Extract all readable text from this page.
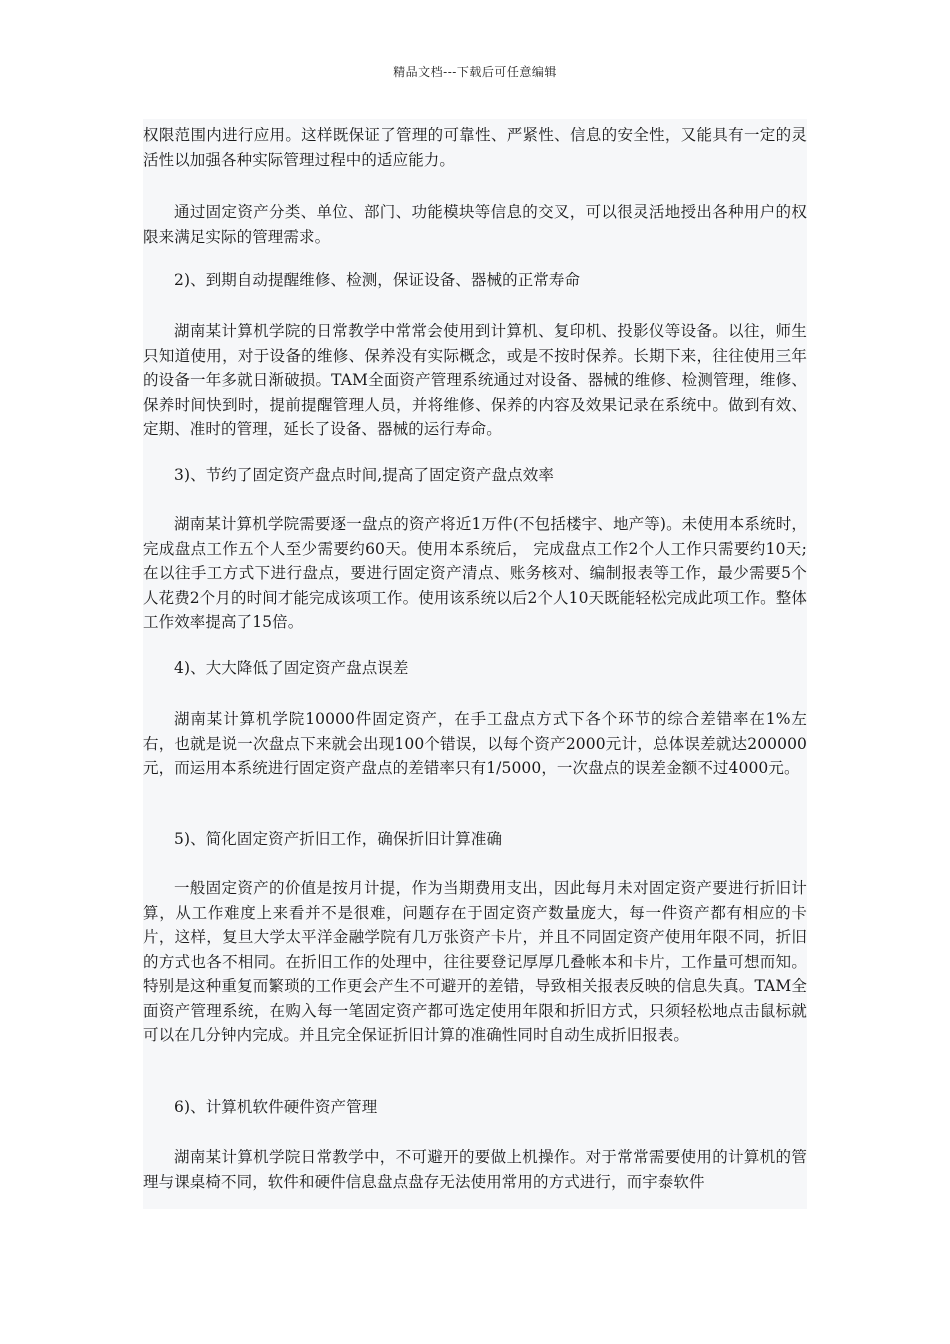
精品文档---下载后可任意编辑

权限范围内进行应用。这样既保证了管理的可靠性、严紧性、信息的安全性，又能具有一定的灵活性以加强各种实际管理过程中的适应能力。

通过固定资产分类、单位、部门、功能模块等信息的交叉，可以很灵活地授出各种用户的权限来满足实际的管理需求。

2)、到期自动提醒维修、检测，保证设备、器械的正常寿命

湖南某计算机学院的日常教学中常常会使用到计算机、复印机、投影仪等设备。以往，师生只知道使用，对于设备的维修、保养没有实际概念，或是不按时保养。长期下来，往往使用三年的设备一年多就日渐破损。TAM全面资产管理系统通过对设备、器械的维修、检测管理，维修、保养时间快到时，提前提醒管理人员，并将维修、保养的内容及效果记录在系统中。做到有效、定期、准时的管理，延长了设备、器械的运行寿命。

3)、节约了固定资产盘点时间,提高了固定资产盘点效率

湖南某计算机学院需要逐一盘点的资产将近1万件(不包括楼宇、地产等)。未使用本系统时，完成盘点工作五个人至少需要约60天。使用本系统后， 完成盘点工作2个人工作只需要约10天;在以往手工方式下进行盘点，要进行固定资产清点、账务核对、编制报表等工作，最少需要5个人花费2个月的时间才能完成该项工作。使用该系统以后2个人10天既能轻松完成此项工作。整体工作效率提高了15倍。

4)、大大降低了固定资产盘点误差

湖南某计算机学院10000件固定资产，在手工盘点方式下各个环节的综合差错率在1%左右，也就是说一次盘点下来就会出现100个错误，以每个资产2000元计，总体误差就达200000元，而运用本系统进行固定资产盘点的差错率只有1/5000，一次盘点的误差金额不过4000元。

5)、简化固定资产折旧工作，确保折旧计算准确

一般固定资产的价值是按月计提，作为当期费用支出，因此每月未对固定资产要进行折旧计算，从工作难度上来看并不是很难，问题存在于固定资产数量庞大，每一件资产都有相应的卡片，这样，复旦大学太平洋金融学院有几万张资产卡片，并且不同固定资产使用年限不同，折旧的方式也各不相同。在折旧工作的处理中，往往要登记厚厚几叠帐本和卡片，工作量可想而知。特别是这种重复而繁琐的工作更会产生不可避开的差错，导致相关报表反映的信息失真。TAM全面资产管理系统，在购入每一笔固定资产都可选定使用年限和折旧方式，只须轻松地点击鼠标就可以在几分钟内完成。并且完全保证折旧计算的准确性同时自动生成折旧报表。

6)、计算机软件硬件资产管理

湖南某计算机学院日常教学中，不可避开的要做上机操作。对于常常需要使用的计算机的管理与课桌椅不同，软件和硬件信息盘点盘存无法使用常用的方式进行，而宇泰软件
